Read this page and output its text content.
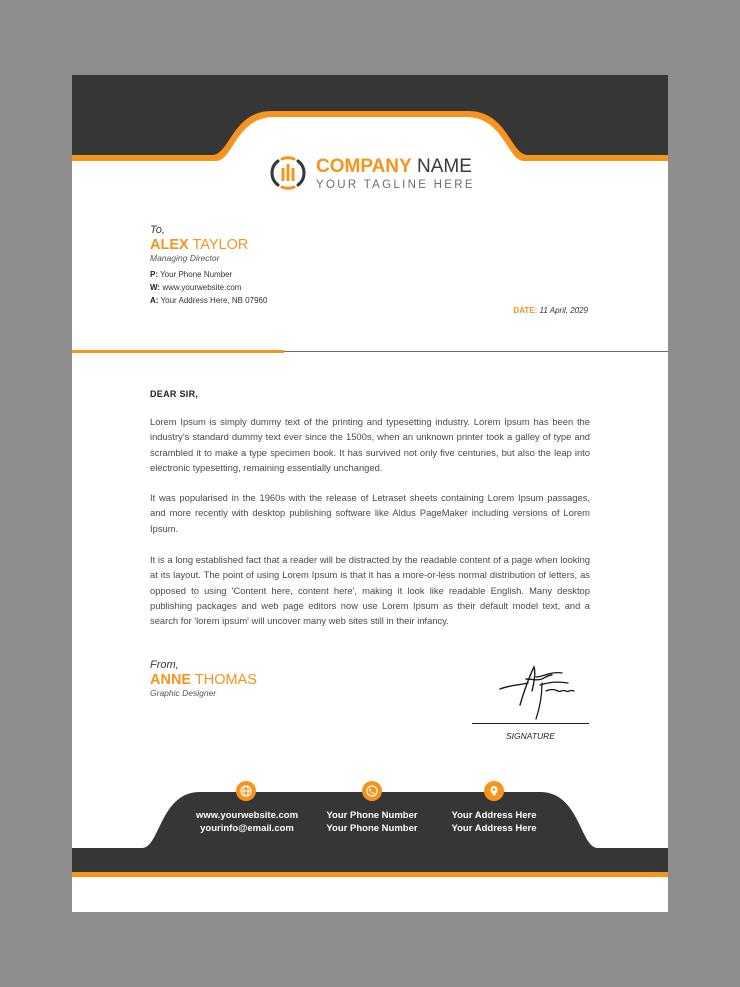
COMPANY NAME
YOUR TAGLINE HERE
To,
ALEX TAYLOR
Managing Director
P: Your Phone Number
W: www.yourwebsite.com
A: Your Address Here, NB 07960
DATE: 11 April, 2029
DEAR SIR,

Lorem Ipsum is simply dummy text of the printing and typesetting industry. Lorem Ipsum has been the industry's standard dummy text ever since the 1500s, when an unknown printer took a galley of type and scrambled it to make a type specimen book. It has survived not only five centuries, but also the leap into electronic typesetting, remaining essentially unchanged.

It was popularised in the 1960s with the release of Letraset sheets containing Lorem Ipsum passages, and more recently with desktop publishing software like Aldus PageMaker including versions of Lorem Ipsum.

It is a long established fact that a reader will be distracted by the readable content of a page when looking at its layout. The point of using Lorem Ipsum is that it has a more-or-less normal distribution of letters, as opposed to using 'Content here, content here', making it look like readable English. Many desktop publishing packages and web page editors now use Lorem Ipsum as their default model text, and a search for 'lorem ipsum' will uncover many web sites still in their infancy.

From,
ANNE THOMAS
Graphic Designer
SIGNATURE
www.yourwebsite.com
yourinfo@email.com
Your Phone Number
Your Phone Number
Your Address Here
Your Address Here
